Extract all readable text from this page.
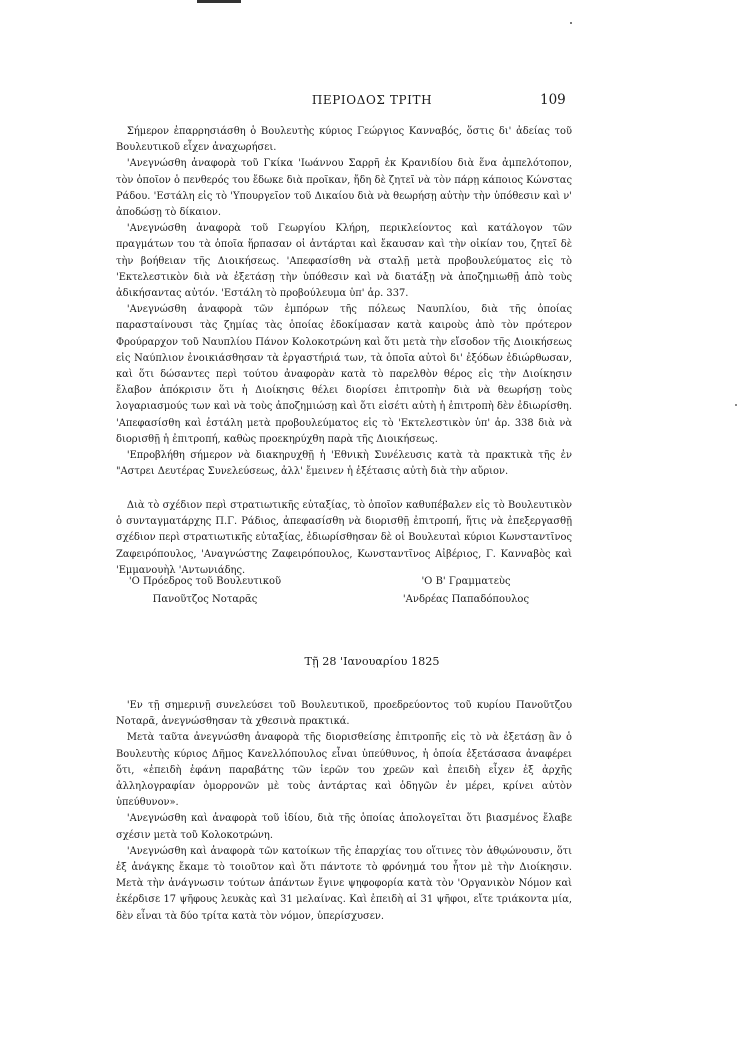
ΠΕΡΙΟΔΟΣ ΤΡΙΤΗ	109

Σήμερον ἐπαρρησιάσθη ὁ Βουλευτὴς κύριος Γεώργιος Κανναβός, ὅστις δι' ἀδείας τοῦ Βουλευτικοῦ εἶχεν ἀναχωρήσει.

'Ανεγνώσθη ἀναφορὰ τοῦ Γκίκα 'Ιωάννου Σαρρῆ ἐκ Κρανιδίου διὰ ἕνα ἀμπελότοπον, τὸν ὁποῖον ὁ πενθερός του ἔδωκε διὰ προῖκαν, ἤδη δὲ ζητεῖ νὰ τὸν πάρῃ κάποιος Κώνστας Ράδου. 'Εστάλη εἰς τὸ 'Υπουργεῖον τοῦ Δικαίου διὰ νὰ θεωρήσῃ αὐτὴν τὴν ὑπόθεσιν καὶ ν' ἀποδώσῃ τὸ δίκαιον.

'Ανεγνώσθη ἀναφορὰ τοῦ Γεωργίου Κλήρη, περικλείοντος καὶ κατάλογον τῶν πραγμάτων του τὰ ὁποῖα ἥρπασαν οἱ ἀντάρται καὶ ἔκαυσαν καὶ τὴν οἰκίαν του, ζητεῖ δὲ τὴν βοήθειαν τῆς Διοικήσεως. 'Απεφασίσθη νὰ σταλῇ μετὰ προβουλεύματος εἰς τὸ 'Εκτελεστικὸν διὰ νὰ ἐξετάσῃ τὴν ὑπόθεσιν καὶ νὰ διατάξῃ νὰ ἀποζημιωθῇ ἀπὸ τοὺς ἀδικήσαντας αὐτόν. 'Εστάλη τὸ προβούλευμα ὑπ' ἀρ. 337.

'Ανεγνώσθη ἀναφορὰ τῶν ἐμπόρων τῆς πόλεως Ναυπλίου, διὰ τῆς ὁποίας παρασταίνουσι τὰς ζημίας τὰς ὁποίας ἐδοκίμασαν κατὰ καιροὺς ἀπὸ τὸν πρότερον Φρούραρχον τοῦ Ναυπλίου Πάνον Κολοκοτρώνη καὶ ὅτι μετὰ τὴν εἴσοδον τῆς Διοικήσεως εἰς Ναύπλιον ἐνοικιάσθησαν τὰ ἐργαστήριά των, τὰ ὁποῖα αὐτοὶ δι' ἐξόδων ἐδιώρθωσαν, καὶ ὅτι δώσαντες περὶ τούτου ἀναφορὰν κατὰ τὸ παρελθὸν θέρος εἰς τὴν Διοίκησιν ἔλαβον ἀπόκρισιν ὅτι ἡ Διοίκησις θέλει διορίσει ἐπιτροπὴν διὰ νὰ θεωρήσῃ τοὺς λογαριασμούς των καὶ νὰ τοὺς ἀποζημιώσῃ καὶ ὅτι εἰσέτι αὐτὴ ἡ ἐπιτροπὴ δὲν ἐδιωρίσθη. 'Απεφασίσθη καὶ ἐστάλη μετὰ προβουλεύματος εἰς τὸ 'Εκτελεστικὸν ὑπ' ἀρ. 338 διὰ νὰ διορισθῇ ἡ ἐπιτροπή, καθὼς προεκηρύχθη παρὰ τῆς Διοικήσεως.

'Επροβλήθη σήμερον νὰ διακηρυχθῇ ἡ 'Εθνικὴ Συνέλευσις κατὰ τὰ πρακτικὰ τῆς ἐν "Αστρει Δευτέρας Συνελεύσεως, ἀλλ' ἔμεινεν ἡ ἐξέτασις αὐτὴ διὰ τὴν αὔριον.

Διὰ τὸ σχέδιον περὶ στρατιωτικῆς εὐταξίας, τὸ ὁποῖον καθυπέβαλεν εἰς τὸ Βουλευτικὸν ὁ συνταγματάρχης Π.Γ. Ράδιος, ἀπεφασίσθη νὰ διορισθῇ ἐπιτροπή, ἥτις νὰ ἐπεξεργασθῇ σχέδιον περὶ στρατιωτικῆς εὐταξίας, ἐδιωρίσθησαν δὲ οἱ Βουλευταὶ κύριοι Κωνσταντῖνος Ζαφειρόπουλος, 'Αναγνώστης Ζαφειρόπουλος, Κωνσταντῖνος Αἰβέριος, Γ. Κανναβὸς καὶ 'Εμμανουὴλ 'Αντωνιάδης.

'Ο Πρόεδρος τοῦ Βουλευτικοῦ
Πανοῦτζος Νοταρᾶς
'Ο Β' Γραμματεὺς
'Ανδρέας Παπαδόπουλος
Τῇ 28 'Ιανουαρίου 1825

'Εν τῇ σημερινῇ συνελεύσει τοῦ Βουλευτικοῦ, προεδρεύοντος τοῦ κυρίου Πανοῦτζου Νοταρᾶ, ἀνεγνώσθησαν τὰ χθεσινὰ πρακτικά.

Μετὰ ταῦτα ἀνεγνώσθη ἀναφορὰ τῆς διορισθείσης ἐπιτροπῆς εἰς τὸ νὰ ἐξετάσῃ ἂν ὁ Βουλευτὴς κύριος Δῆμος Κανελλόπουλος εἶναι ὑπεύθυνος, ἡ ὁποία ἐξετάσασα ἀναφέρει ὅτι, «ἐπειδὴ ἐφάνη παραβάτης τῶν ἱερῶν του χρεῶν καὶ ἐπειδὴ εἶχεν ἐξ ἀρχῆς ἀλληλογραφίαν ὁμορρονῶν μὲ τοὺς ἀντάρτας καὶ ὁδηγῶν ἐν μέρει, κρίνει αὐτὸν ὑπεύθυνον».

'Ανεγνώσθη καὶ ἀναφορὰ τοῦ ἰδίου, διὰ τῆς ὁποίας ἀπολογεῖται ὅτι βιασμένος ἔλαβε σχέσιν μετὰ τοῦ Κολοκοτρώνη.

'Ανεγνώσθη καὶ ἀναφορὰ τῶν κατοίκων τῆς ἐπαρχίας του οἵτινες τὸν ἀθῳώνουσιν, ὅτι ἐξ ἀνάγκης ἔκαμε τὸ τοιοῦτον καὶ ὅτι πάντοτε τὸ φρόνημά του ἦτον μὲ τὴν Διοίκησιν. Μετὰ τὴν ἀνάγνωσιν τούτων ἁπάντων ἔγινε ψηφοφορία κατὰ τὸν 'Οργανικὸν Νόμον καὶ ἐκέρδισε 17 ψῆφους λευκὰς καὶ 31 μελαίνας. Καὶ ἐπειδὴ αἱ 31 ψῆφοι, εἴτε τριάκοντα μία, δὲν εἶναι τὰ δύο τρίτα κατὰ τὸν νόμον, ὑπερίσχυσεν.
